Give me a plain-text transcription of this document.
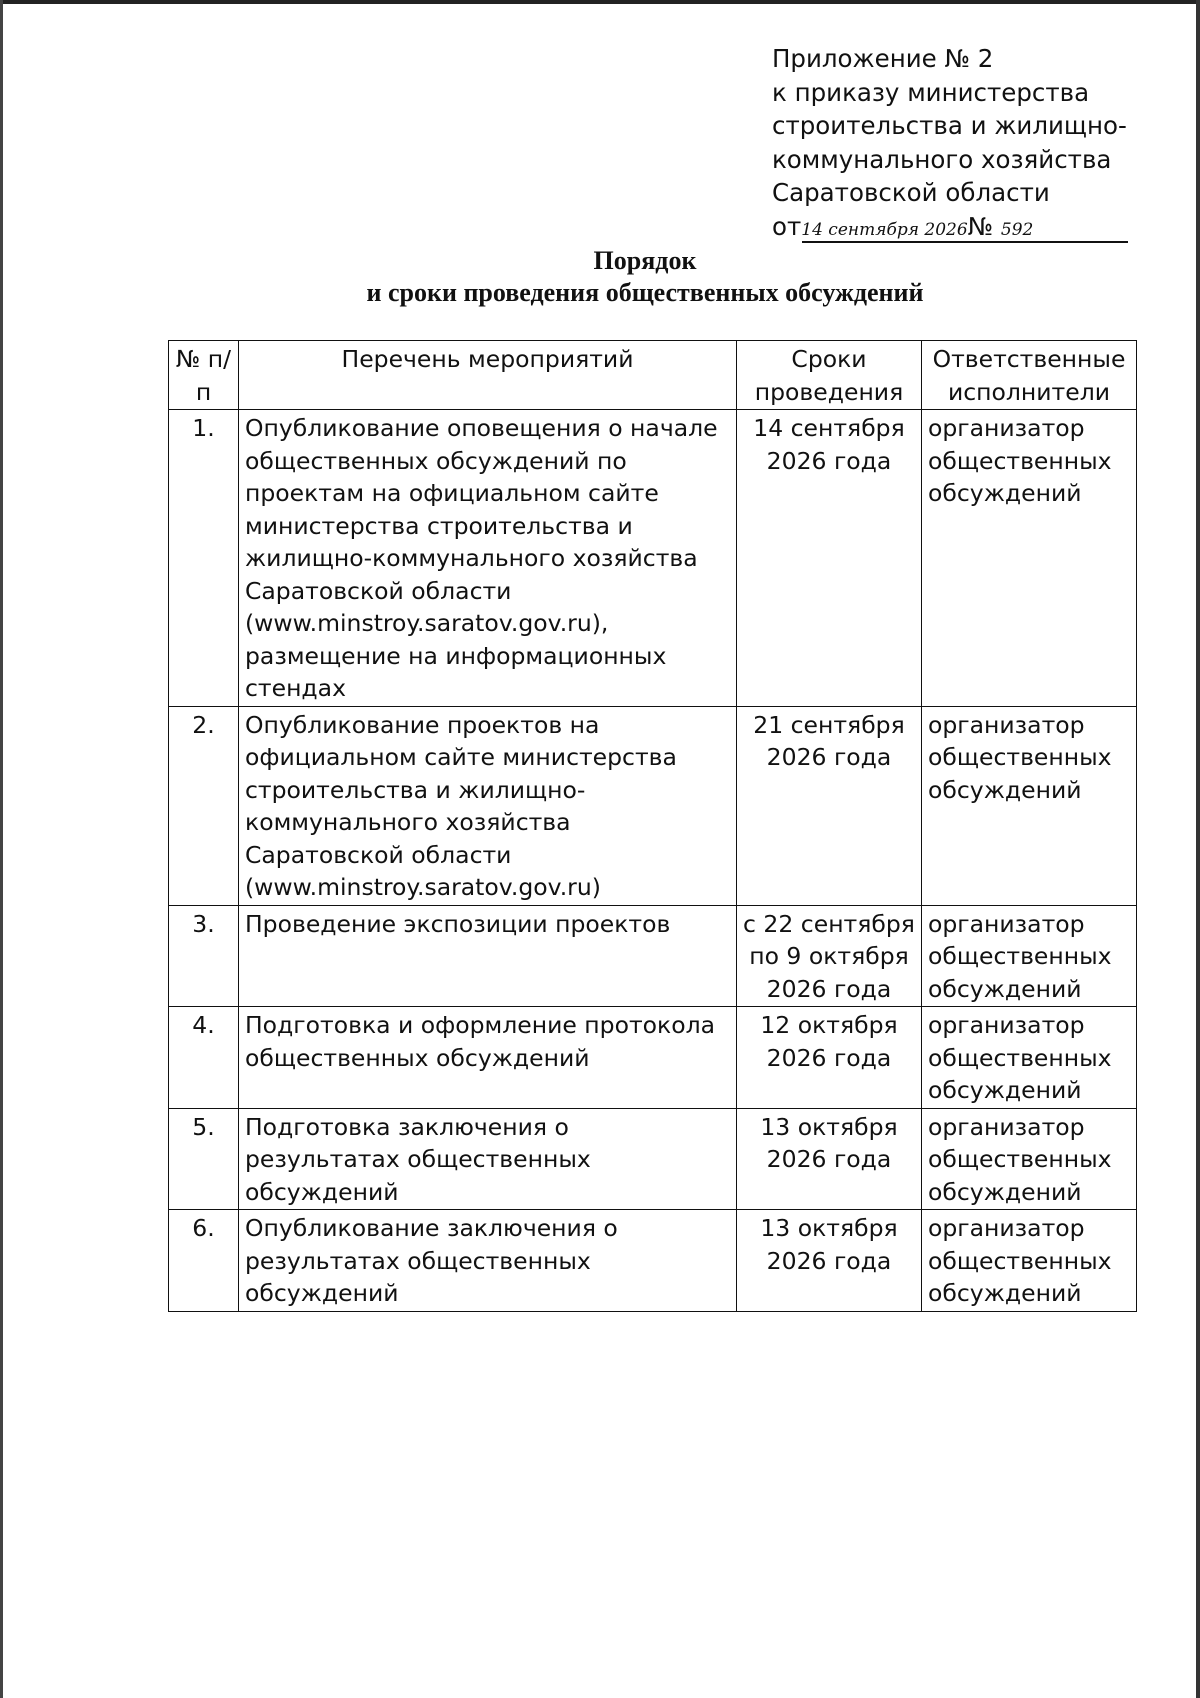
Приложение № 2
к приказу министерства
строительства и жилищно-
коммунального хозяйства
Саратовской области
от14 сентября 2026№ 592
Порядок
и сроки проведения общественных обсуждений
№ п/п	Перечень мероприятий	Сроки проведения	Ответственные исполнители
1.	Опубликование оповещения о начале общественных обсуждений по проектам на официальном сайте министерства строительства и жилищно-коммунального хозяйства Саратовской области (www.minstroy.saratov.gov.ru), размещение на информационных стендах	14 сентября 2026 года	организатор общественных обсуждений
2.	Опубликование проектов на официальном сайте министерства строительства и жилищно-коммунального хозяйства Саратовской области (www.minstroy.saratov.gov.ru)	21 сентября 2026 года	организатор общественных обсуждений
3.	Проведение экспозиции проектов	с 22 сентября по 9 октября 2026 года	организатор общественных обсуждений
4.	Подготовка и оформление протокола общественных обсуждений	12 октября 2026 года	организатор общественных обсуждений
5.	Подготовка заключения о результатах общественных обсуждений	13 октября 2026 года	организатор общественных обсуждений
6.	Опубликование заключения о результатах общественных обсуждений	13 октября 2026 года	организатор общественных обсуждений
